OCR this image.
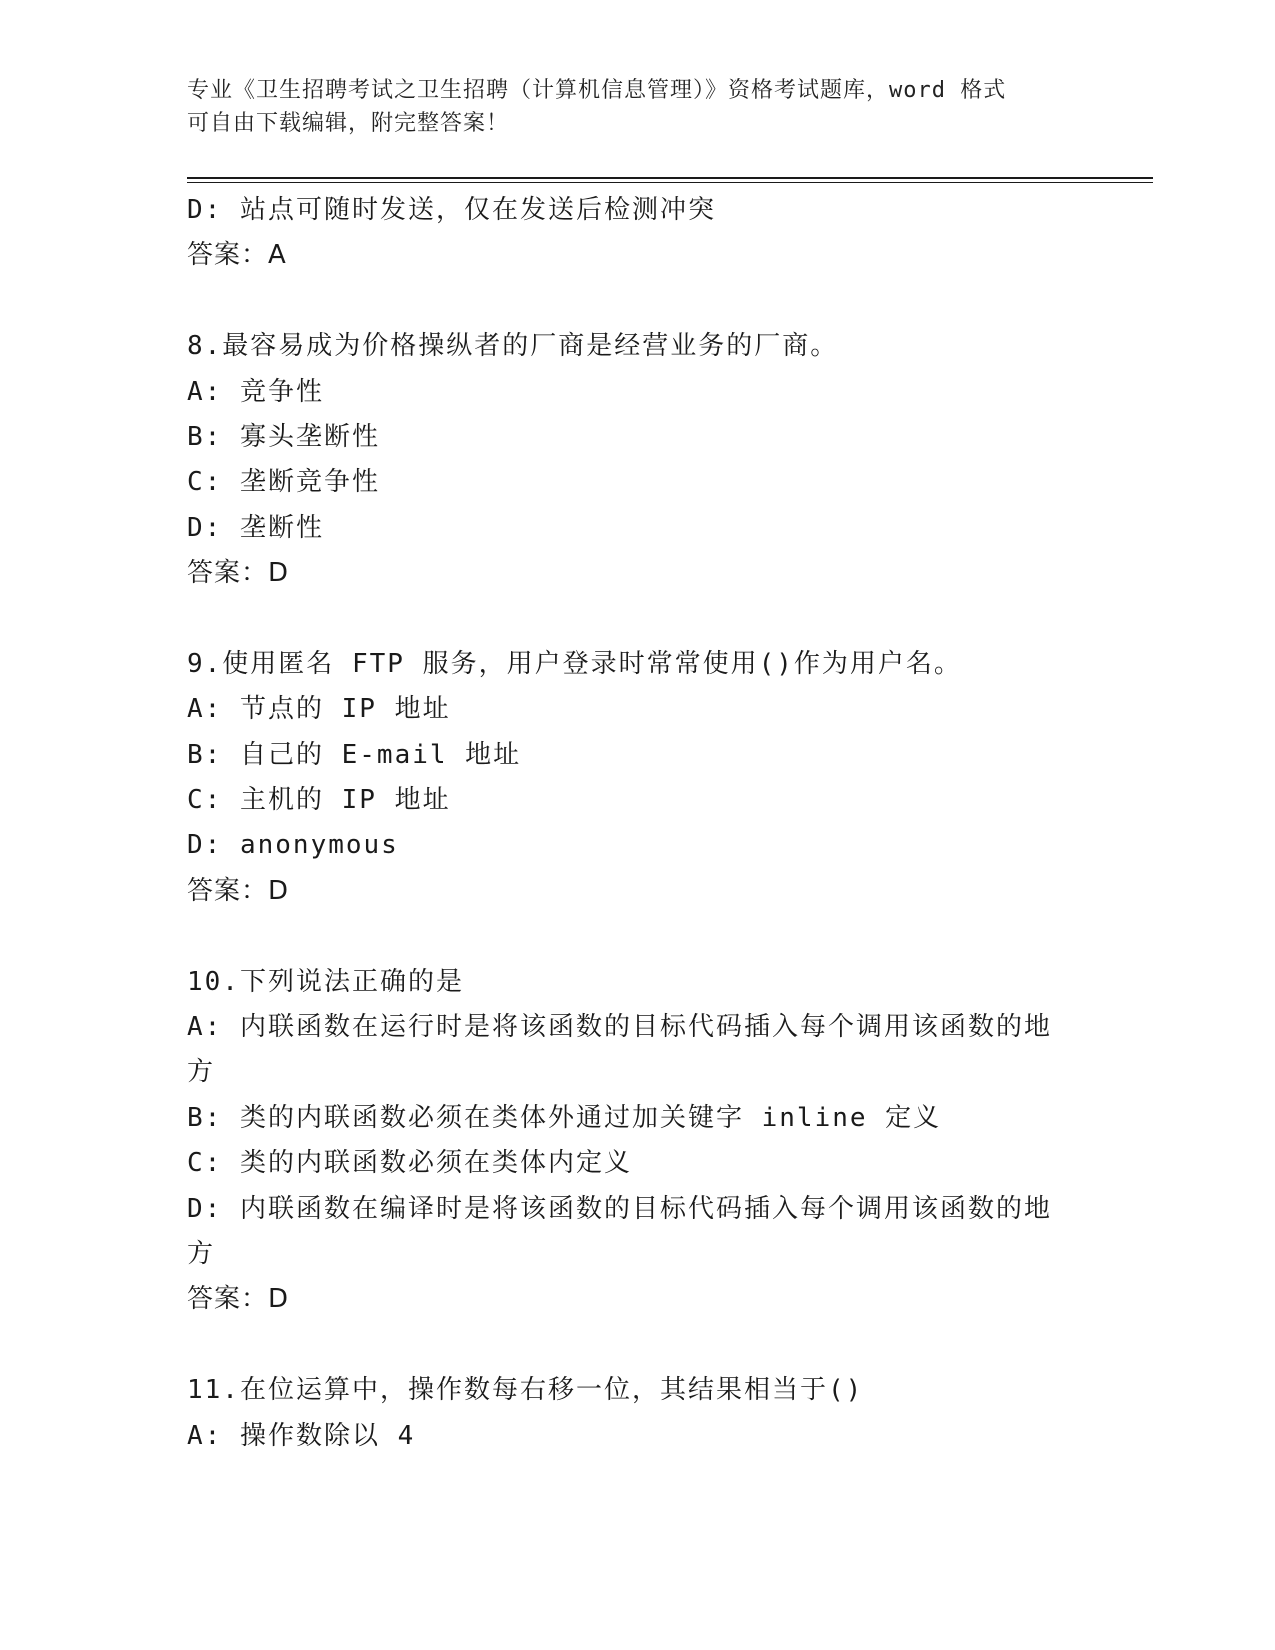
专业《卫生招聘考试之卫生招聘（计算机信息管理）》资格考试题库，word 格式
可自由下载编辑，附完整答案！
D: 站点可随时发送，仅在发送后检测冲突
答案：A
8.最容易成为价格操纵者的厂商是经营业务的厂商。
A: 竞争性
B: 寡头垄断性
C: 垄断竞争性
D: 垄断性
答案：D
9.使用匿名 FTP 服务，用户登录时常常使用()作为用户名。
A: 节点的 IP 地址
B: 自己的 E-mail 地址
C: 主机的 IP 地址
D: anonymous
答案：D
10.下列说法正确的是
A: 内联函数在运行时是将该函数的目标代码插入每个调用该函数的地
方
B: 类的内联函数必须在类体外通过加关键字 inline 定义
C: 类的内联函数必须在类体内定义
D: 内联函数在编译时是将该函数的目标代码插入每个调用该函数的地
方
答案：D
11.在位运算中，操作数每右移一位，其结果相当于()
A: 操作数除以 4
